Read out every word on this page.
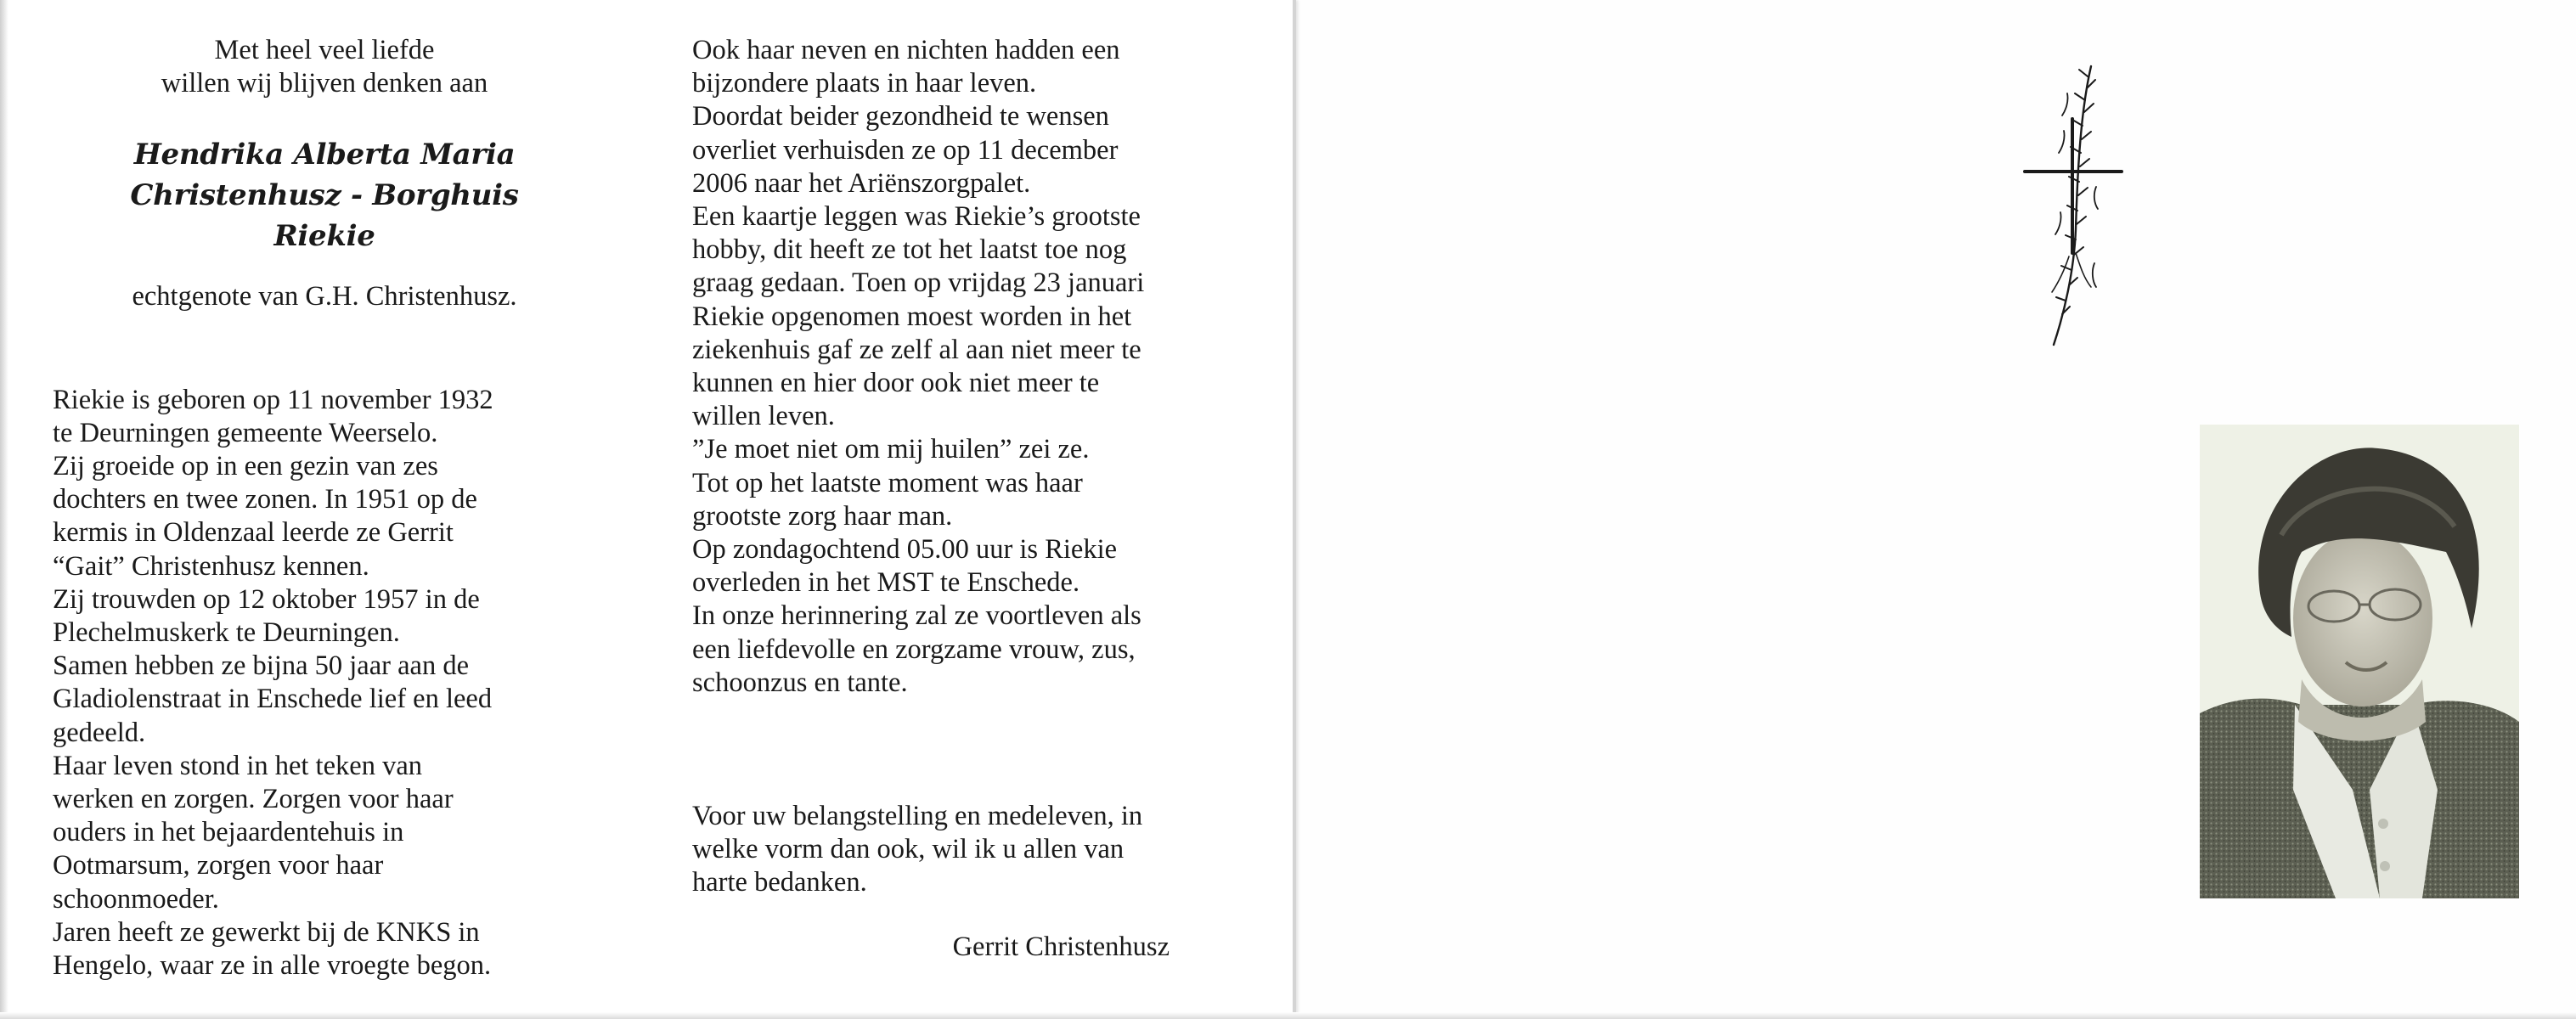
Met heel veel liefde
willen wij blijven denken aan
Hendrika Alberta Maria
Christenhusz - Borghuis
Riekie
echtgenote van G.H. Christenhusz.
Riekie is geboren op 11 november 1932
te Deurningen gemeente Weerselo.
Zij groeide op in een gezin van zes
dochters en twee zonen. In 1951 op de
kermis in Oldenzaal leerde ze Gerrit
“Gait” Christenhusz kennen.
Zij trouwden op 12 oktober 1957 in de
Plechelmuskerk te Deurningen.
Samen hebben ze bijna 50 jaar aan de
Gladiolenstraat in Enschede lief en leed
gedeeld.
Haar leven stond in het teken van
werken en zorgen. Zorgen voor haar
ouders in het bejaardentehuis in
Ootmarsum, zorgen voor haar
schoonmoeder.
Jaren heeft ze gewerkt bij de KNKS in
Hengelo, waar ze in alle vroegte begon.
Ook haar neven en nichten hadden een
bijzondere plaats in haar leven.
Doordat beider gezondheid te wensen
overliet verhuisden ze op 11 december
2006 naar het Ariënszorgpalet.
Een kaartje leggen was Riekie’s grootste
hobby, dit heeft ze tot het laatst toe nog
graag gedaan. Toen op vrijdag 23 januari
Riekie opgenomen moest worden in het
ziekenhuis gaf ze zelf al aan niet meer te
kunnen en hier door ook niet meer te
willen leven.
”Je moet niet om mij huilen” zei ze.
Tot op het laatste moment was haar
grootste zorg haar man.
Op zondagochtend 05.00 uur is Riekie
overleden in het MST te Enschede.
In onze herinnering zal ze voortleven als
een liefdevolle en zorgzame vrouw, zus,
schoonzus en tante.
Voor uw belangstelling en medeleven, in
welke vorm dan ook, wil ik u allen van
harte bedanken.
Gerrit Christenhusz
